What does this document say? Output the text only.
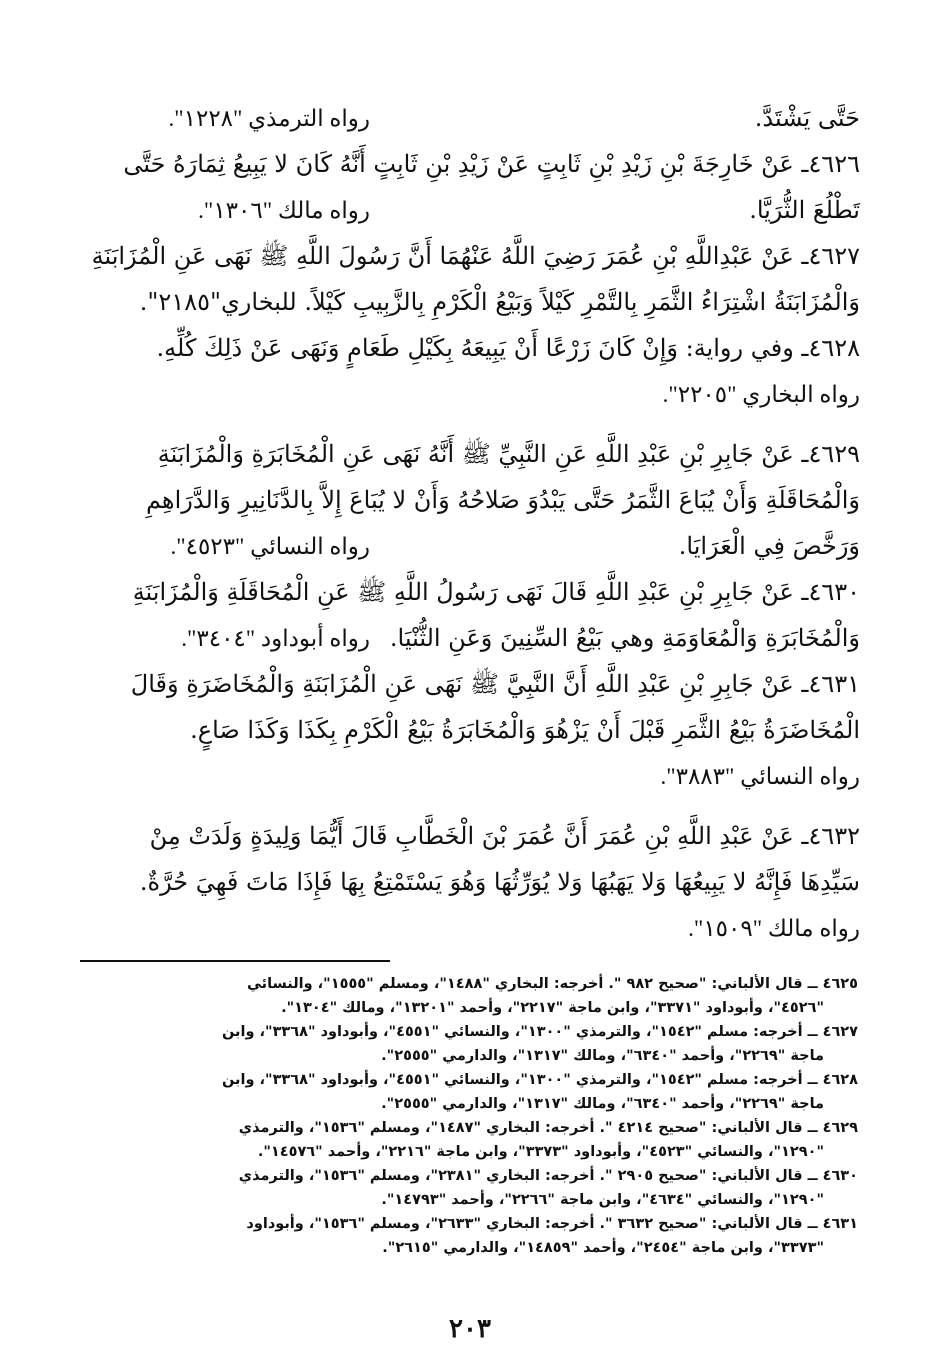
حَتَّى يَشْتَدَّ.
رواه الترمذي "١٢٢٨".
٤٦٢٦ـ عَنْ خَارِجَةَ بْنِ زَيْدِ بْنِ ثَابِتٍ عَنْ زَيْدِ بْنِ ثَابِتٍ أَنَّهُ كَانَ لا يَبِيعُ ثِمَارَهُ حَتَّى
تَطْلُعَ الثُّرَيَّا.
رواه مالك "١٣٠٦".
٤٦٢٧ـ عَنْ عَبْدِاللَّهِ بْنِ عُمَرَ رَضِيَ اللَّهُ عَنْهُمَا أَنَّ رَسُولَ اللَّهِ ﷺ نَهَى عَنِ الْمُزَابَنَةِ
وَالْمُزَابَنَةُ اشْتِرَاءُ الثَّمَرِ بِالتَّمْرِ كَيْلاً وَبَيْعُ الْكَرْمِ بِالزَّبِيبِ كَيْلاً. للبخاري"٢١٨٥".
٤٦٢٨ـ وفي رواية: وَإِنْ كَانَ زَرْعًا أَنْ يَبِيعَهُ بِكَيْلِ طَعَامٍ وَنَهَى عَنْ ذَلِكَ كُلِّهِ.
رواه البخاري "٢٢٠٥".
٤٦٢٩ـ عَنْ جَابِرِ بْنِ عَبْدِ اللَّهِ عَنِ النَّبِيِّ ﷺ أَنَّهُ نَهَى عَنِ الْمُخَابَرَةِ وَالْمُزَابَنَةِ
وَالْمُحَاقَلَةِ وَأَنْ يُبَاعَ الثَّمَرُ حَتَّى يَبْدُوَ صَلاحُهُ وَأَنْ لا يُبَاعَ إِلاَّ بِالدَّنَانِيرِ وَالدَّرَاهِمِ
وَرَخَّصَ فِي الْعَرَايَا.
رواه النسائي "٤٥٢٣".
٤٦٣٠ـ عَنْ جَابِرِ بْنِ عَبْدِ اللَّهِ قَالَ نَهَى رَسُولُ اللَّهِ ﷺ عَنِ الْمُحَاقَلَةِ وَالْمُزَابَنَةِ
وَالْمُخَابَرَةِ وَالْمُعَاوَمَةِ وهي بَيْعُ السِّنِينَ وَعَنِ الثُّنْيَا.
رواه أبوداود "٣٤٠٤".
٤٦٣١ـ عَنْ جَابِرِ بْنِ عَبْدِ اللَّهِ أَنَّ النَّبِيَّ ﷺ نَهَى عَنِ الْمُزَابَنَةِ وَالْمُخَاضَرَةِ وَقَالَ
الْمُخَاضَرَةُ بَيْعُ الثَّمَرِ قَبْلَ أَنْ يَزْهُوَ وَالْمُخَابَرَةُ بَيْعُ الْكَرْمِ بِكَذَا وَكَذَا صَاعٍ.
رواه النسائي "٣٨٨٣".
٤٦٣٢ـ عَنْ عَبْدِ اللَّهِ بْنِ عُمَرَ أَنَّ عُمَرَ بْنَ الْخَطَّابِ قَالَ أَيُّمَا وَلِيدَةٍ وَلَدَتْ مِنْ
سَيِّدِهَا فَإِنَّهُ لا يَبِيعُهَا وَلا يَهَبُهَا وَلا يُوَرِّثُهَا وَهُوَ يَسْتَمْتِعُ بِهَا فَإِذَا مَاتَ فَهِيَ حُرَّةٌ.
رواه مالك "١٥٠٩".
٤٦٢٥ ــ قال الألباني: "صحيح ٩٨٢ ". أخرجه: البخاري "١٤٨٨"، ومسلم "١٥٥٥"، والنسائي
"٤٥٢٦"، وأبوداود "٣٣٧١"، وابن ماجة "٢٢١٧"، وأحمد "١٣٢٠١"، ومالك "١٣٠٤".
٤٦٢٧ ــ أخرجه: مسلم "١٥٤٢"، والترمذي "١٣٠٠"، والنسائي "٤٥٥١"، وأبوداود "٣٣٦٨"، وابن
ماجة "٢٢٦٩"، وأحمد "٦٣٤٠"، ومالك "١٣١٧"، والدارمي "٢٥٥٥".
٤٦٢٨ ــ أخرجه: مسلم "١٥٤٢"، والترمذي "١٣٠٠"، والنسائي "٤٥٥١"، وأبوداود "٣٣٦٨"، وابن
ماجة "٢٢٦٩"، وأحمد "٦٣٤٠"، ومالك "١٣١٧"، والدارمي "٢٥٥٥".
٤٦٢٩ ــ قال الألباني: "صحيح ٤٢١٤ ". أخرجه: البخاري "١٤٨٧"، ومسلم "١٥٣٦"، والترمذي
"١٢٩٠"، والنسائي "٤٥٢٣"، وأبوداود "٣٣٧٣"، وابن ماجة "٢٢١٦"، وأحمد "١٤٥٧٦".
٤٦٣٠ ــ قال الألباني: "صحيح ٢٩٠٥ ". أخرجه: البخاري "٢٣٨١"، ومسلم "١٥٣٦"، والترمذي
"١٢٩٠"، والنسائي "٤٦٣٤"، وابن ماجة "٢٢٦٦"، وأحمد "١٤٧٩٣".
٤٦٣١ ــ قال الألباني: "صحيح ٣٦٣٢ ". أخرجه: البخاري "٢٦٣٣"، ومسلم "١٥٣٦"، وأبوداود
"٣٣٧٣"، وابن ماجة "٢٤٥٤"، وأحمد "١٤٨٥٩"، والدارمي "٢٦١٥".
٢٠٣
